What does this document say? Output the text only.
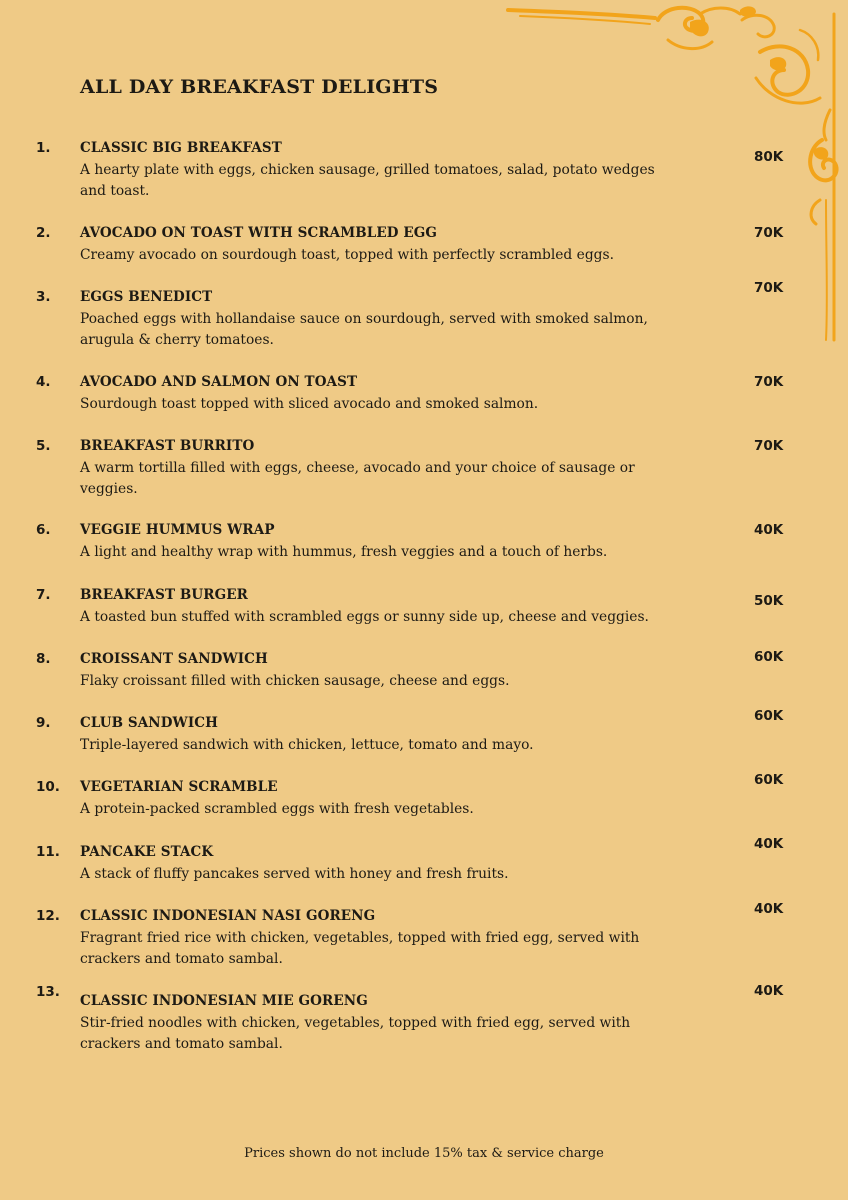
ALL DAY BREAKFAST DELIGHTS
1. CLASSIC BIG BREAKFAST
A hearty plate with eggs, chicken sausage, grilled tomatoes, salad, potato wedges and toast.
80K
2. AVOCADO ON TOAST WITH SCRAMBLED EGG
Creamy avocado on sourdough toast, topped with perfectly scrambled eggs.
70K
3. EGGS BENEDICT
Poached eggs with hollandaise sauce on sourdough, served with smoked salmon, arugula & cherry tomatoes.
70K
4. AVOCADO AND SALMON ON TOAST
Sourdough toast topped with sliced avocado and smoked salmon.
70K
5. BREAKFAST BURRITO
A warm tortilla filled with eggs, cheese, avocado and your choice of sausage or veggies.
70K
6. VEGGIE HUMMUS WRAP
A light and healthy wrap with hummus, fresh veggies and a touch of herbs.
40K
7. BREAKFAST BURGER
A toasted bun stuffed with scrambled eggs or sunny side up, cheese and veggies.
50K
8. CROISSANT SANDWICH
Flaky croissant filled with chicken sausage, cheese and eggs.
60K
9. CLUB SANDWICH
Triple-layered sandwich with chicken, lettuce, tomato and mayo.
60K
10. VEGETARIAN SCRAMBLE
A protein-packed scrambled eggs with fresh vegetables.
60K
11. PANCAKE STACK
A stack of fluffy pancakes served with honey and fresh fruits.
40K
12. CLASSIC INDONESIAN NASI GORENG
Fragrant fried rice with chicken, vegetables, topped with fried egg, served with crackers and tomato sambal.
40K
13.
CLASSIC INDONESIAN MIE GORENG
Stir-fried noodles with chicken, vegetables, topped with fried egg, served with crackers and tomato sambal.
40K
Prices shown do not include 15% tax & service charge
